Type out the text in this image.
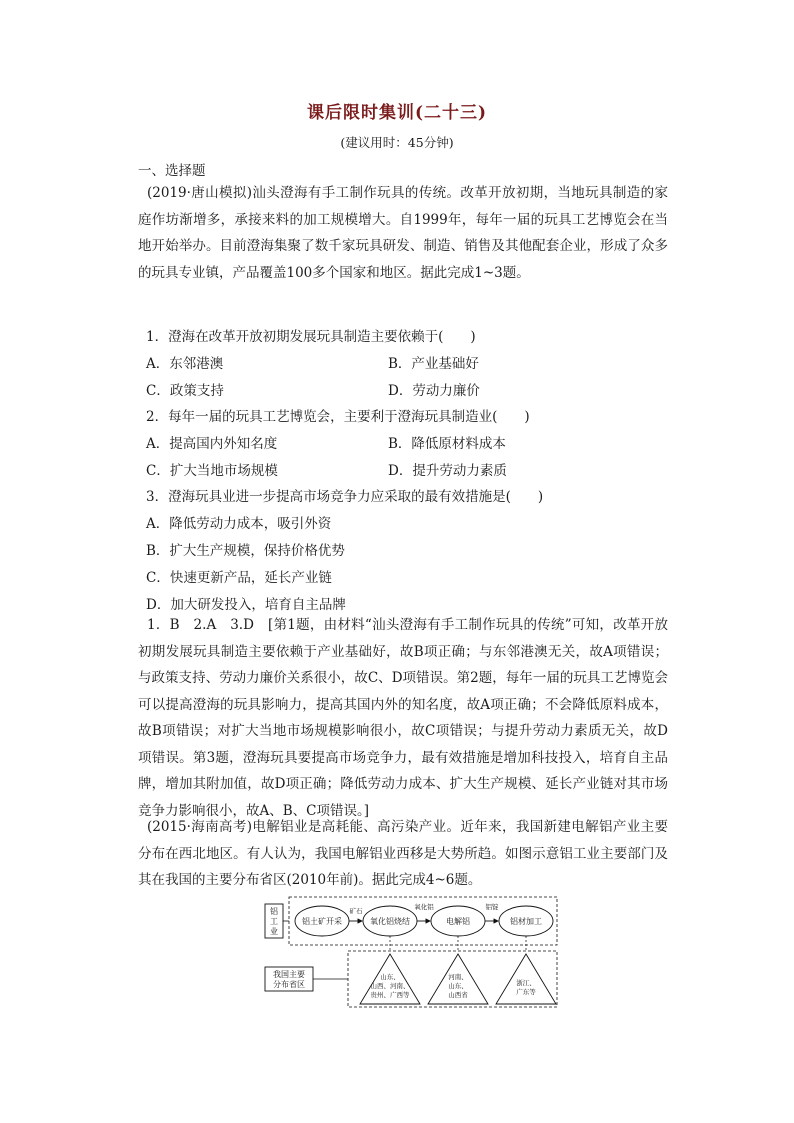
课后限时集训(二十三)
(建议用时：45分钟)
一、选择题

(2019·唐山模拟)汕头澄海有手工制作玩具的传统。改革开放初期，当地玩具制造的家庭作坊渐增多，承接来料的加工规模增大。自1999年，每年一届的玩具工艺博览会在当地开始举办。目前澄海集聚了数千家玩具研发、制造、销售及其他配套企业，形成了众多的玩具专业镇，产品覆盖100多个国家和地区。据此完成1~3题。

1．澄海在改革开放初期发展玩具制造主要依赖于(　　)
A．东邻港澳	B．产业基础好
C．政策支持	D．劳动力廉价
2．每年一届的玩具工艺博览会，主要利于澄海玩具制造业(　　)
A．提高国内外知名度	B．降低原材料成本
C．扩大当地市场规模	D．提升劳动力素质
3．澄海玩具业进一步提高市场竞争力应采取的最有效措施是(　　)
A．降低劳动力成本，吸引外资
B．扩大生产规模，保持价格优势
C．快速更新产品，延长产业链
D．加大研发投入，培育自主品牌

1．B　2.A　3.D　[第1题，由材料“汕头澄海有手工制作玩具的传统”可知，改革开放初期发展玩具制造主要依赖于产业基础好，故B项正确；与东邻港澳无关，故A项错误；与政策支持、劳动力廉价关系很小，故C、D项错误。第2题，每年一届的玩具工艺博览会可以提高澄海的玩具影响力，提高其国内外的知名度，故A项正确；不会降低原料成本，故B项错误；对扩大当地市场规模影响很小，故C项错误；与提升劳动力素质无关，故D项错误。第3题，澄海玩具要提高市场竞争力，最有效措施是增加科技投入，培育自主品牌，增加其附加值，故D项正确；降低劳动力成本、扩大生产规模、延长产业链对其市场竞争力影响很小，故A、B、C项错误。]

(2015·海南高考)电解铝业是高耗能、高污染产业。近年来，我国新建电解铝产业主要分布在西北地区。有人认为，我国电解铝业西移是大势所趋。如图示意铝工业主要部门及其在我国的主要分布省区(2010年前)。据此完成4~6题。

铝
工
业
铝土矿开采	氧化铝烧结	电解铝	铝材加工
矿石	氧化铝	铝锭
我国主要
分布省区
山东、
山西、河南、
贵州、广西等
河南、
山东、
山西省
浙江、
广东等
